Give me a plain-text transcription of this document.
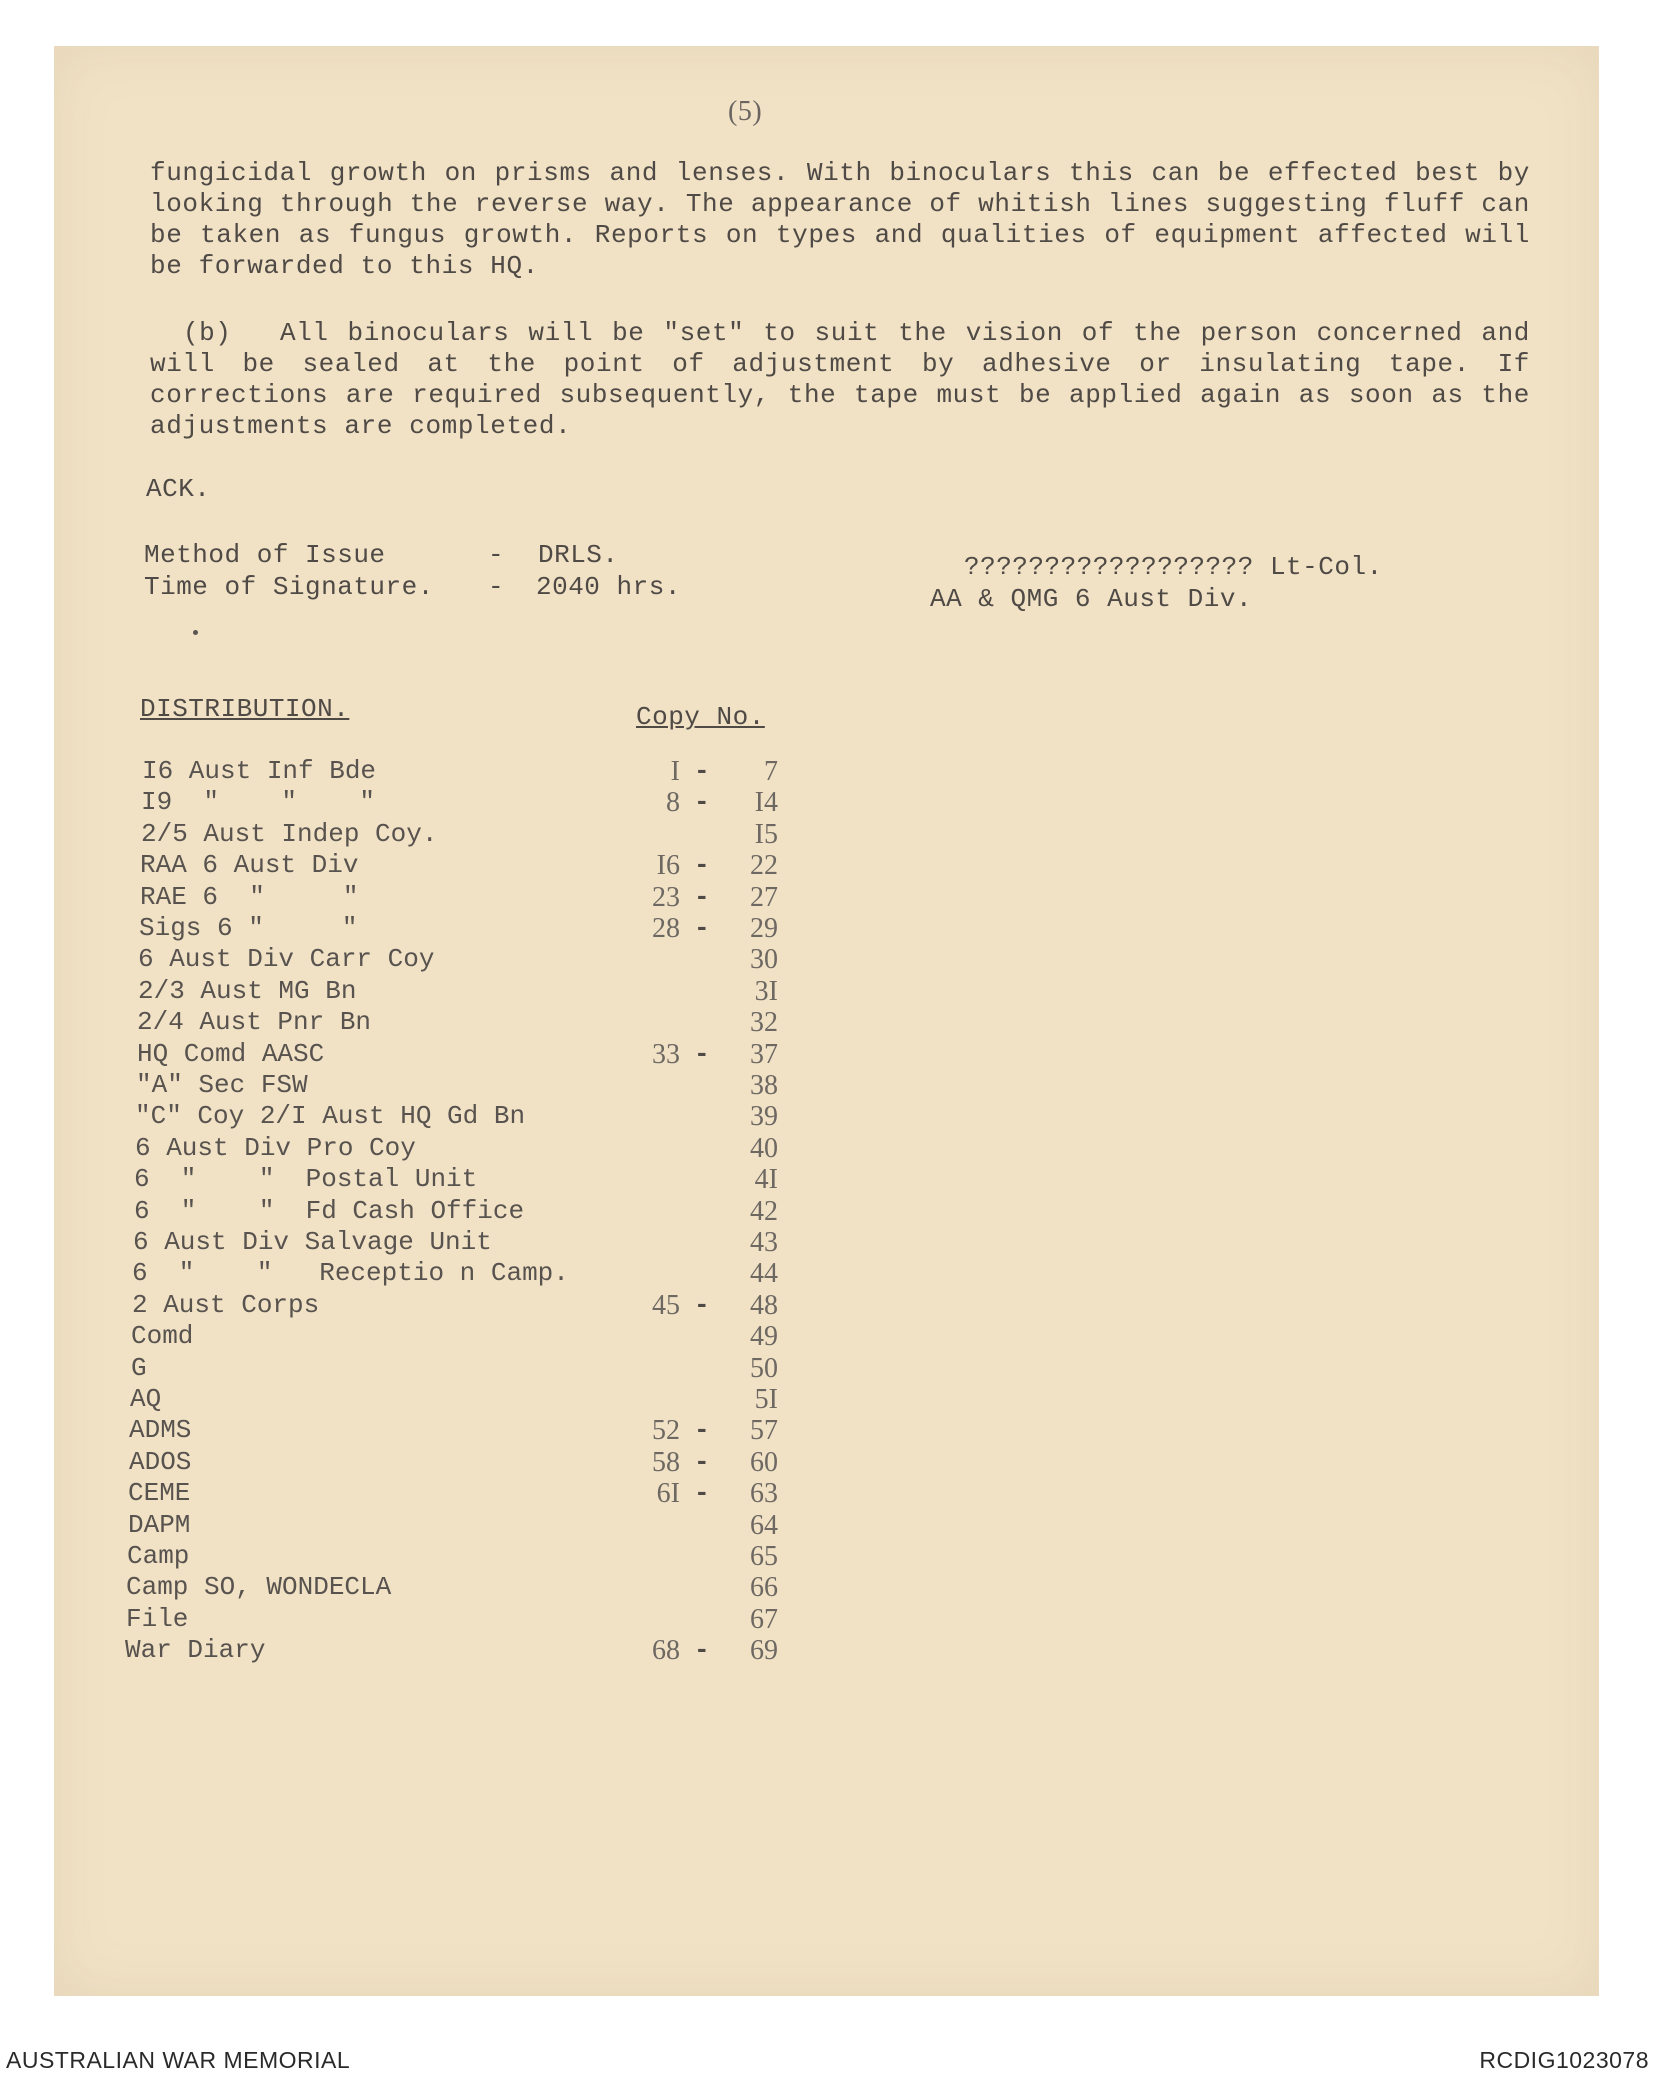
(5)
fungicidal growth on prisms and lenses. With binoculars this can be effected best by looking through the reverse way. The appearance of whitish lines suggesting fluff can be taken as fungus growth. Reports on types and qualities of equipment affected will be forwarded to this HQ.
(b)	All binoculars will be "set" to suit the vision of the person concerned and will be sealed at the point of adjustment by adhesive or insulating tape. If corrections are required subsequently, the tape must be applied again as soon as the adjustments are completed.
ACK.
Method of Issue	- DRLS.
Time of Signature. - 2040 hrs.
?????????????????? Lt-Col.
AA & QMG 6 Aust Div.
DISTRIBUTION.	Copy No.
I6 Aust Inf Bde	I -	7
I9  "    "    "	8 -	I4
2/5 Aust Indep Coy.	I5
RAA 6 Aust Div	I6 -	22
RAE 6  "     "	23 -	27
Sigs 6 "     "	28 -	29
6 Aust Div Carr Coy	30
2/3 Aust MG Bn	3I
2/4 Aust Pnr Bn	32
HQ Comd AASC	33 -	37
"A" Sec FSW	38
"C" Coy 2/I Aust HQ Gd Bn	39
6 Aust Div Pro Coy	40
6  "    "  Postal Unit	4I
6  "    "  Fd Cash Office	42
6 Aust Div Salvage Unit	43
6  "    "   Receptio n Camp.	44
2 Aust Corps	45 -	48
Comd	49
G	50
AQ	5I
ADMS	52 -	57
ADOS	58 -	60
CEME	6I -	63
DAPM	64
Camp	65
Camp SO, WONDECLA	66
File	67
War Diary	68 -	69
AUSTRALIAN WAR MEMORIAL	RCDIG1023078
